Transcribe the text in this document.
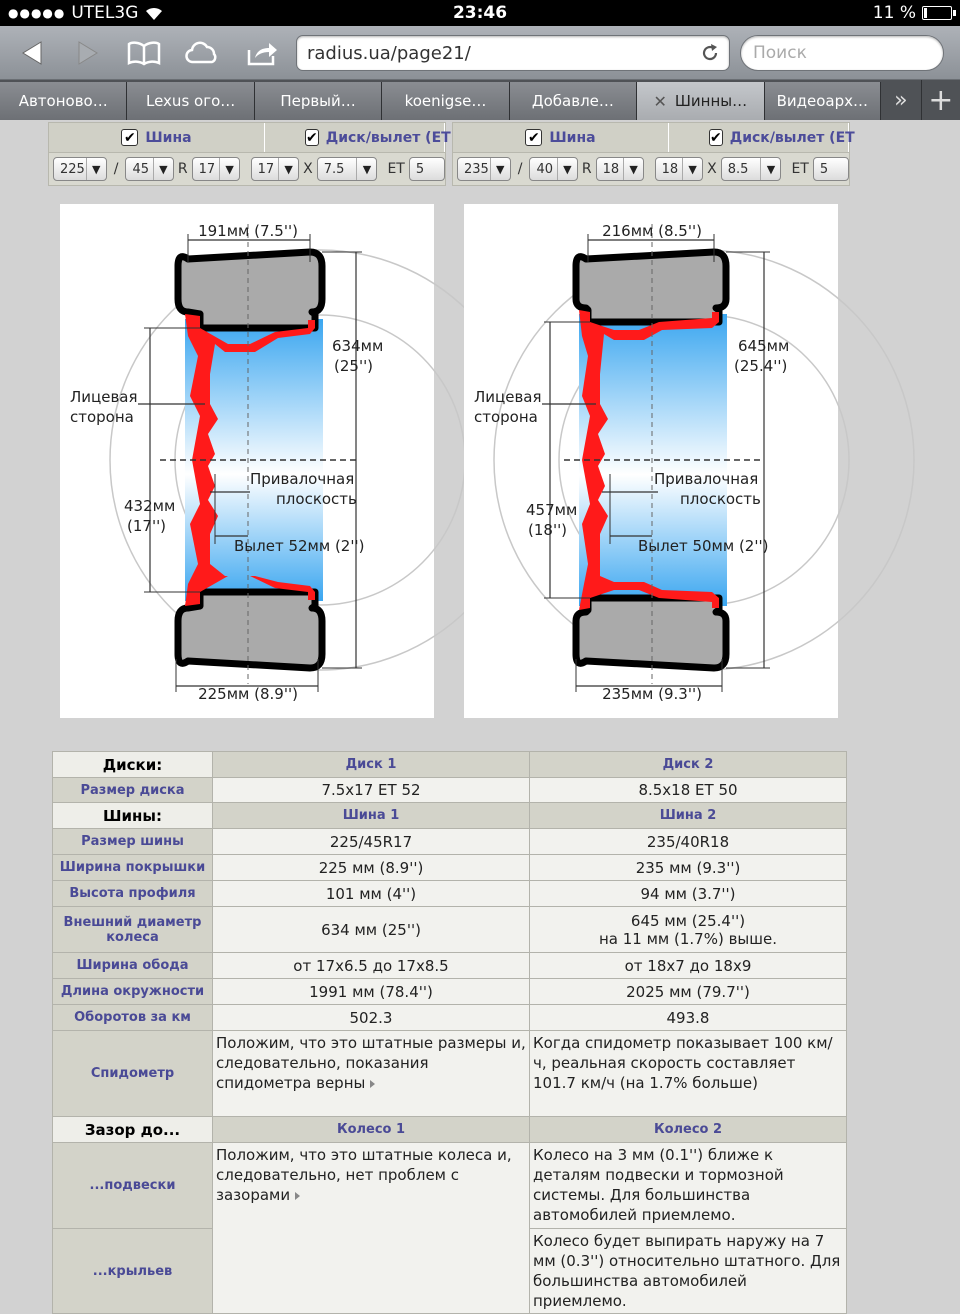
●●●●● UTEL 3G	23:46	11 %
radius.ua/page21/	Поиск
Автоново…	Lexus ого…	Первый…	koenigse…	Добавле… ✕ Шинны… Видеоарх…	» +
✔ Шина	✔ Диск/вылет (ЕТ
225 ▼ / 45 ▼ R 17 ▼	17 ▼ X 7.5	▼	ЕТ 5
✔ Шина	✔ Диск/вылет (ЕТ
235 ▼ / 40 ▼ R 18 ▼	18 ▼ X 8.5	▼	ЕТ 5
191мм (7.5'')
634мм
(25'')
Лицевая
сторона
Привалочная
плоскость
432мм
(17'')
Вылет 52мм (2'')
225мм (8.9'')
216мм (8.5'')
645мм
(25.4'')
Лицевая
сторона
Привалочная
плоскость
457мм
(18'')
Вылет 50мм (2'')
235мм (9.3'')
Диски:	Диск 1	Диск 2
Размер диска	7.5x17 ET 52	8.5x18 ET 50
Шины:	Шина 1	Шина 2
Размер шины	225/45R17	235/40R18
Ширина покрышки	225 мм (8.9'')	235 мм (9.3'')
Высота профиля	101 мм (4'')	94 мм (3.7'')
Внешний диаметр колеса	634 мм (25'')	645 мм (25.4'')
на 11 мм (1.7%) выше.

Ширина обода	от 17x6.5 до 17x8.5	от 18x7 до 18x9
Длина окружности	1991 мм (78.4'')	2025 мм (79.7'')
Оборотов за км	502.3	493.8
Спидометр	Положим, что это штатные размеры и, следовательно, показания спидометра верны	Когда спидометр показывает 100 км/ч, реальная скорость составляет 101.7 км/ч (на 1.7% больше)
Зазор до...	Колесо 1	Колесо 2
...подвески	Положим, что это штатные колеса и, следовательно, нет проблем с зазорами	Колесо на 3 мм (0.1'') ближе к деталям подвески и тормозной системы. Для большинства автомобилей приемлемо.
...крыльев		Колесо будет выпирать наружу на 7 мм (0.3'') относительно штатного. Для большинства автомобилей приемлемо.
